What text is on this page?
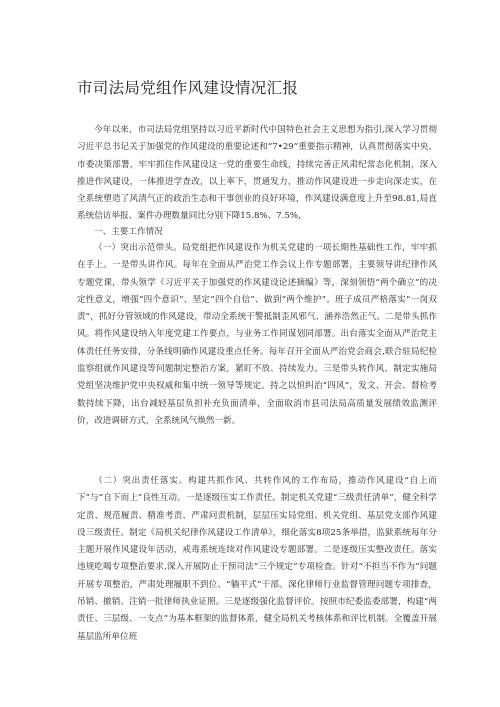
市司法局党组作风建设情况汇报

今年以来，市司法局党组坚持以习近平新时代中国特色社会主义思想为指引,深入学习贯彻习近平总书记关于加强党的作风建设的重要论述和“7•29”重要指示精神，认真贯彻落实中央、市委决策部署，牢牢抓住作风建设这一党的重要生命线，持续完善正风肃纪常态化机制，深入推进作风建设，一体推进学查改，以上率下，贯通发力，推动作风建设进一步走向深走实，在全系统塑造了风清气正的政治生态和干事创业的良好环境，作风建设满意度上升至98.81,局直系统信访举报、案件办理数量同比分别下降15.8%、7.5%,

一、主要工作情况

（一）突出示范带头。局党组把作风建设作为机关党建的一项长期性基础性工作，牢牢抓在手上。一是带头讲作风。每年在全面从严治党工作会议上作专题部署，主要领导讲纪律作风专题党课，带头领学《习近平关于加强党的作风建设论述摘编》等，深刻领悟“两个确立”的决定性意义，增强“四个意识”、坚定“四个自信”、做到“两个维护”。班子成员严格落实“一岗双责”，抓好分管领域的作风建设，带动全系统干警抵制歪风邪气、涵养浩然正气。二是带头抓作风。将作风建设纳入年度党建工作要点，与业务工作同谋划同部署。出台落实全面从严治党主体责任任务安排，分条线明确作风建设重点任务。每年召开全面从严治党会商会,联合驻局纪检监察组就作风建设等问题制定整治方案，紧盯不放、持续发力。三是带头转作风。制定实施局党组坚决维护党中央权威和集中统一领导等规定。持之以恒纠治“四风”，发文、开会、督检考数持续下降，出台减轻基层负担补充负面清单，全面取消市县司法局高质量发展绩效监测评价，改进调研方式，全系统风气焕然一新。

（二）突出责任落实。构建共抓作风、共转作风的工作布局，推动作风建设“自上而下”与“自下而上”良性互动。一是逐级压实工作责任。制定机关党建“三级责任清单”，健全科学定责、规范履责、精准考责、严肃问责机制，层层压实局党组、机关党组、基层党支部作风建设三级责任。制定《局机关纪律作风建设工作清单》，细化落实8项25条举措，监狱系统每年分主题开展作风建设年活动，戒毒系统连续对作风建设专题部署。二是逐级压实整改责任。落实违规吃喝专项整治要求,深入开展防止干预司法“三个规定”专项检查。针对“不担当不作为”问题开展专项整治，严肃处理履职不到位、“躺平式”干部。深化律师行业监督管理问题专项排查，吊销、撤销、注销一批律师执业证照。三是逐级强化监督评价。按照市纪委监委部署，构建“两责任、三层级、一支点”为基本框架的监督体系，健全局机关考核体系和评比机制。全覆盖开展基层监所单位班
